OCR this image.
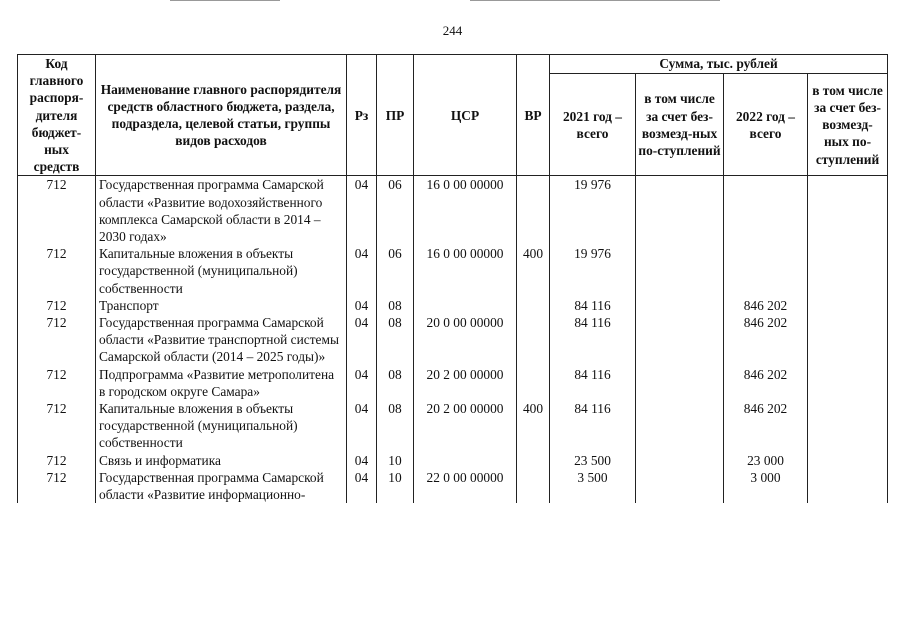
244
Код главного распоря-дителя бюджет-ных средств	Наименование главного распорядителя средств областного бюджета, раздела, подраздела, целевой статьи, группы видов расходов	Рз	ПР	ЦСР	ВР	Сумма, тыс. рублей			
						2021 год – всего	в том числе за счет без-возмезд-ных по-ступлений	2022 год – всего	в том числе за счет без-возмезд-ных по-ступлений
712	Государственная программа Самарской области «Развитие водохозяйственного комплекса Самарской области в 2014 – 2030 годах»	04	06	16 0 00 00000		19 976			
712	Капитальные вложения в объекты государственной (муниципальной) собственности	04	06	16 0 00 00000	400	19 976			
712	Транспорт	04	08			84 116		846 202	
712	Государственная программа Самарской области «Развитие транспортной системы Самарской области (2014 – 2025 годы)»	04	08	20 0 00 00000		84 116		846 202	
712	Подпрограмма «Развитие метрополитена в городском округе Самара»	04	08	20 2 00 00000		84 116		846 202	
712	Капитальные вложения в объекты государственной (муниципальной) собственности	04	08	20 2 00 00000	400	84 116		846 202	
712	Связь и информатика	04	10			23 500		23 000	
712	Государственная программа Самарской области «Развитие информационно-	04	10	22 0 00 00000		3 500		3 000	
